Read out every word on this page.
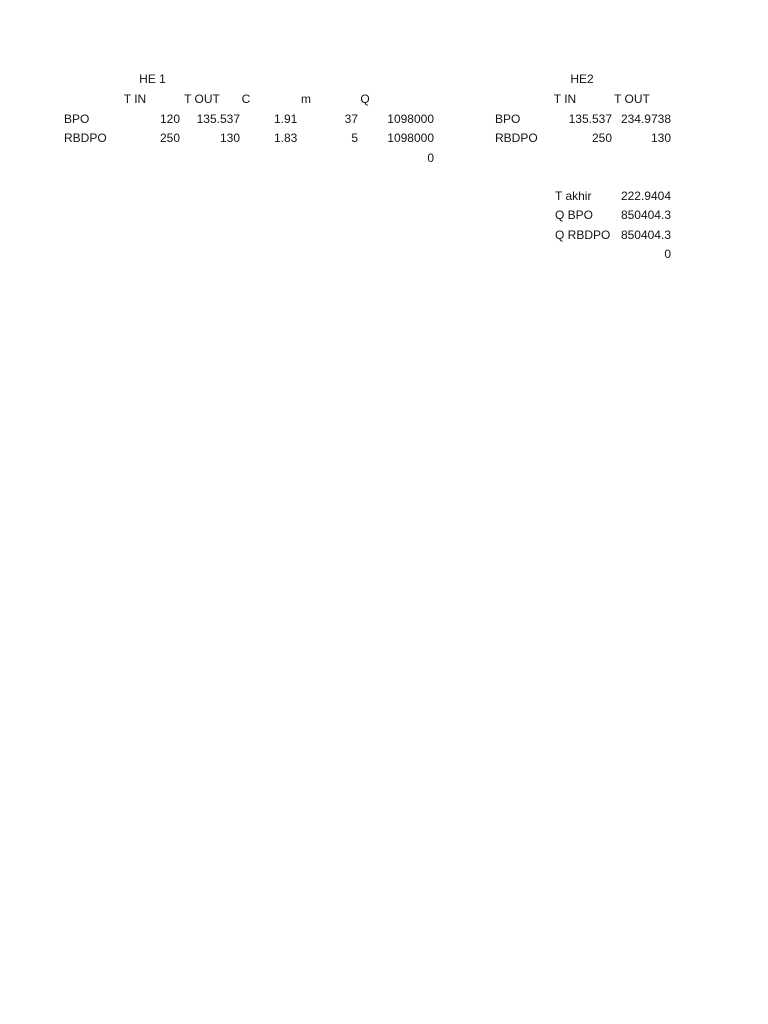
HE 1
T IN	T OUT	C	m	Q
BPO	120	135.537	1.91	37	1098000
RBDPO	250	130	1.83	5	1098000
0
HE2
T IN	T OUT
BPO	135.537 234.9738
RBDPO	250	130
T akhir	222.9404
Q BPO	850404.3
Q RBDPO 850404.3
0
